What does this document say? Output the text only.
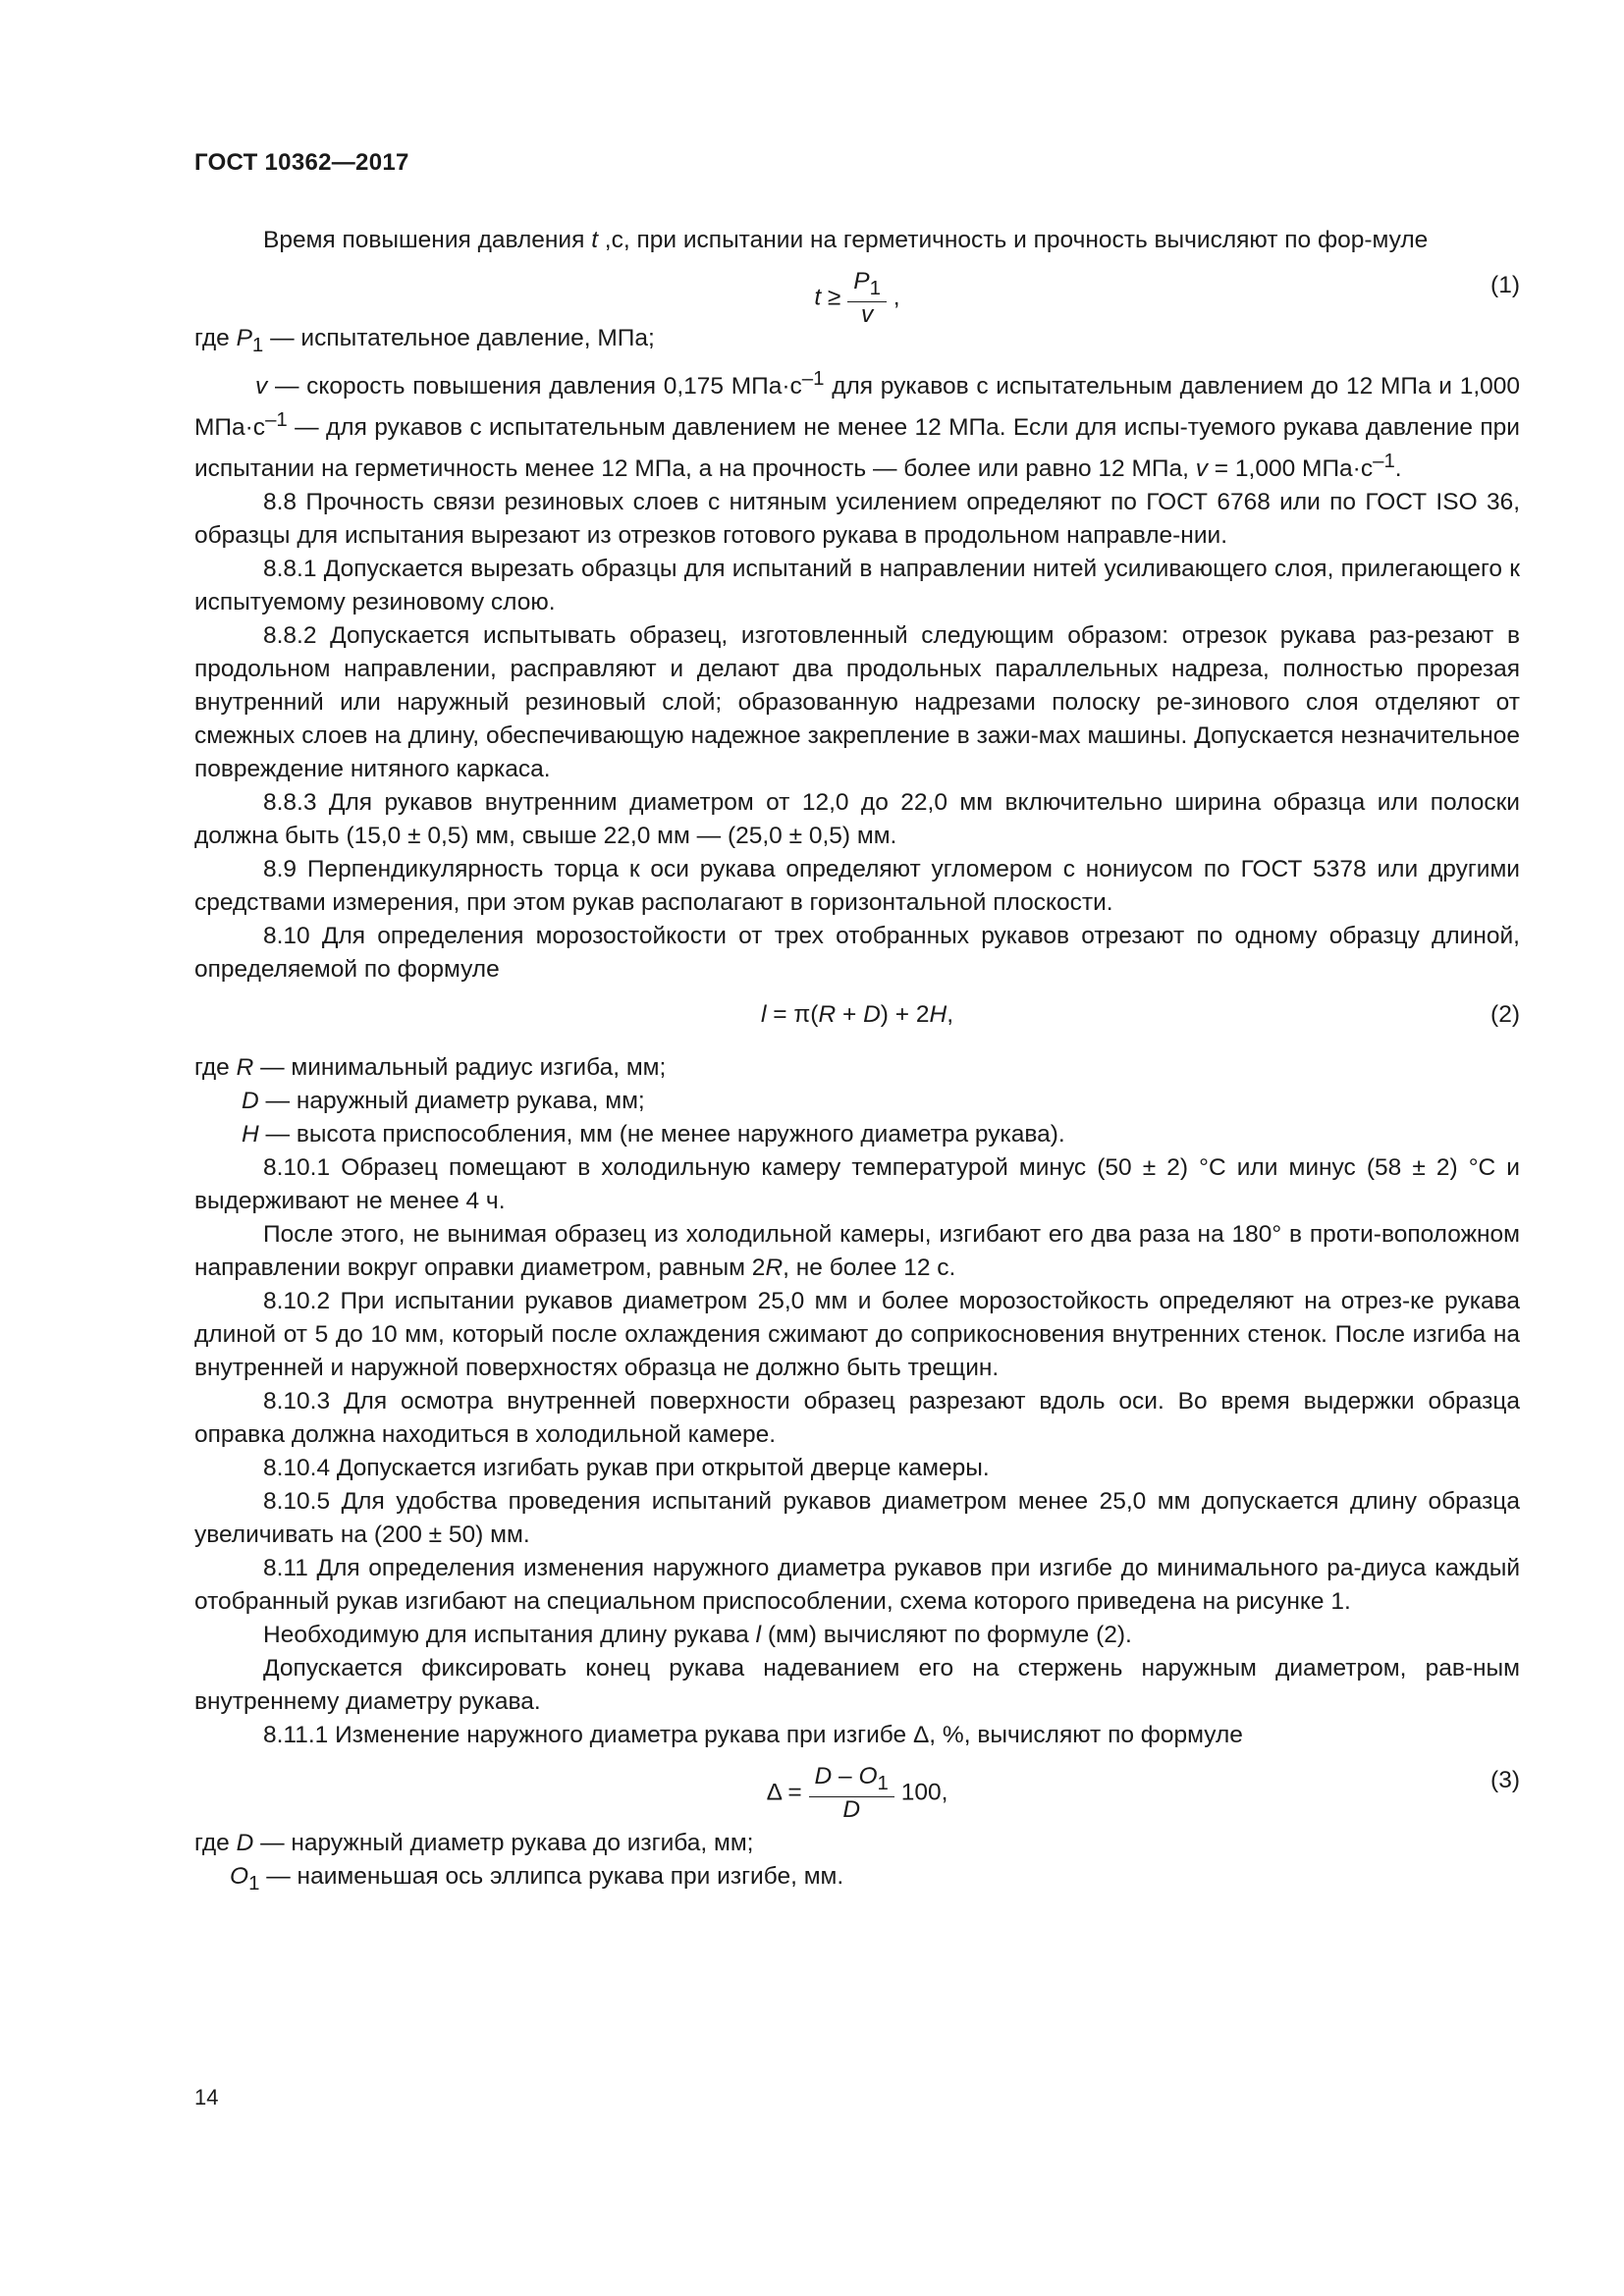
ГОСТ 10362—2017

Время повышения давления t ,с, при испытании на герметичность и прочность вычисляют по фор-муле

$t \ge \frac{P_1}{v}$ ,	(1)

где $P_1$ — испытательное давление, МПа;

v — скорость повышения давления 0,175 $МПа\cdot с^{-1}$ для рукавов с испытательным давлением до 12 МПа и 1,000 $МПа\cdot с^{-1}$ — для рукавов с испытательным давлением не менее 12 МПа. Если для испы-туемого рукава давление при испытании на герметичность менее 12 МПа, а на прочность — более или равно 12 МПа, v = 1,000 $МПа\cdot с^{-1}$.

8.8 Прочность связи резиновых слоев с нитяным усилением определяют по ГОСТ 6768 или по ГОСТ ISO 36, образцы для испытания вырезают из отрезков готового рукава в продольном направле-нии.

8.8.1 Допускается вырезать образцы для испытаний в направлении нитей усиливающего слоя, прилегающего к испытуемому резиновому слою.

8.8.2 Допускается испытывать образец, изготовленный следующим образом: отрезок рукава раз-резают в продольном направлении, расправляют и делают два продольных параллельных надреза, полностью прорезая внутренний или наружный резиновый слой; образованную надрезами полоску ре-зинового слоя отделяют от смежных слоев на длину, обеспечивающую надежное закрепление в зажи-мах машины. Допускается незначительное повреждение нитяного каркаса.

8.8.3 Для рукавов внутренним диаметром от 12,0 до 22,0 мм включительно ширина образца или полоски должна быть (15,0 ± 0,5) мм, свыше 22,0 мм — (25,0 ± 0,5) мм.

8.9 Перпендикулярность торца к оси рукава определяют угломером с нониусом по ГОСТ 5378 или другими средствами измерения, при этом рукав располагают в горизонтальной плоскости.

8.10 Для определения морозостойкости от трех отобранных рукавов отрезают по одному образцу длиной, определяемой по формуле

l = π(R + D) + 2H,	(2)

где R — минимальный радиус изгиба, мм;

D — наружный диаметр рукава, мм;

H — высота приспособления, мм (не менее наружного диаметра рукава).

8.10.1 Образец помещают в холодильную камеру температурой минус (50 ± 2) °С или минус (58 ± 2) °С и выдерживают не менее 4 ч.

После этого, не вынимая образец из холодильной камеры, изгибают его два раза на 180° в проти-воположном направлении вокруг оправки диаметром, равным 2R, не более 12 с.

8.10.2 При испытании рукавов диаметром 25,0 мм и более морозостойкость определяют на отрез-ке рукава длиной от 5 до 10 мм, который после охлаждения сжимают до соприкосновения внутренних стенок. После изгиба на внутренней и наружной поверхностях образца не должно быть трещин.

8.10.3 Для осмотра внутренней поверхности образец разрезают вдоль оси. Во время выдержки образца оправка должна находиться в холодильной камере.

8.10.4 Допускается изгибать рукав при открытой дверце камеры.

8.10.5 Для удобства проведения испытаний рукавов диаметром менее 25,0 мм допускается длину образца увеличивать на (200 ± 50) мм.

8.11 Для определения изменения наружного диаметра рукавов при изгибе до минимального ра-диуса каждый отобранный рукав изгибают на специальном приспособлении, схема которого приведена на рисунке 1.

Необходимую для испытания длину рукава l (мм) вычисляют по формуле (2).

Допускается фиксировать конец рукава надеванием его на стержень наружным диаметром, рав-ным внутреннему диаметру рукава.

8.11.1 Изменение наружного диаметра рукава при изгибе Δ, %, вычисляют по формуле

$\Delta = \frac{D - O_1}{D} 100$,	(3)

где D — наружный диаметр рукава до изгиба, мм;

$O_1$ — наименьшая ось эллипса рукава при изгибе, мм.

14
